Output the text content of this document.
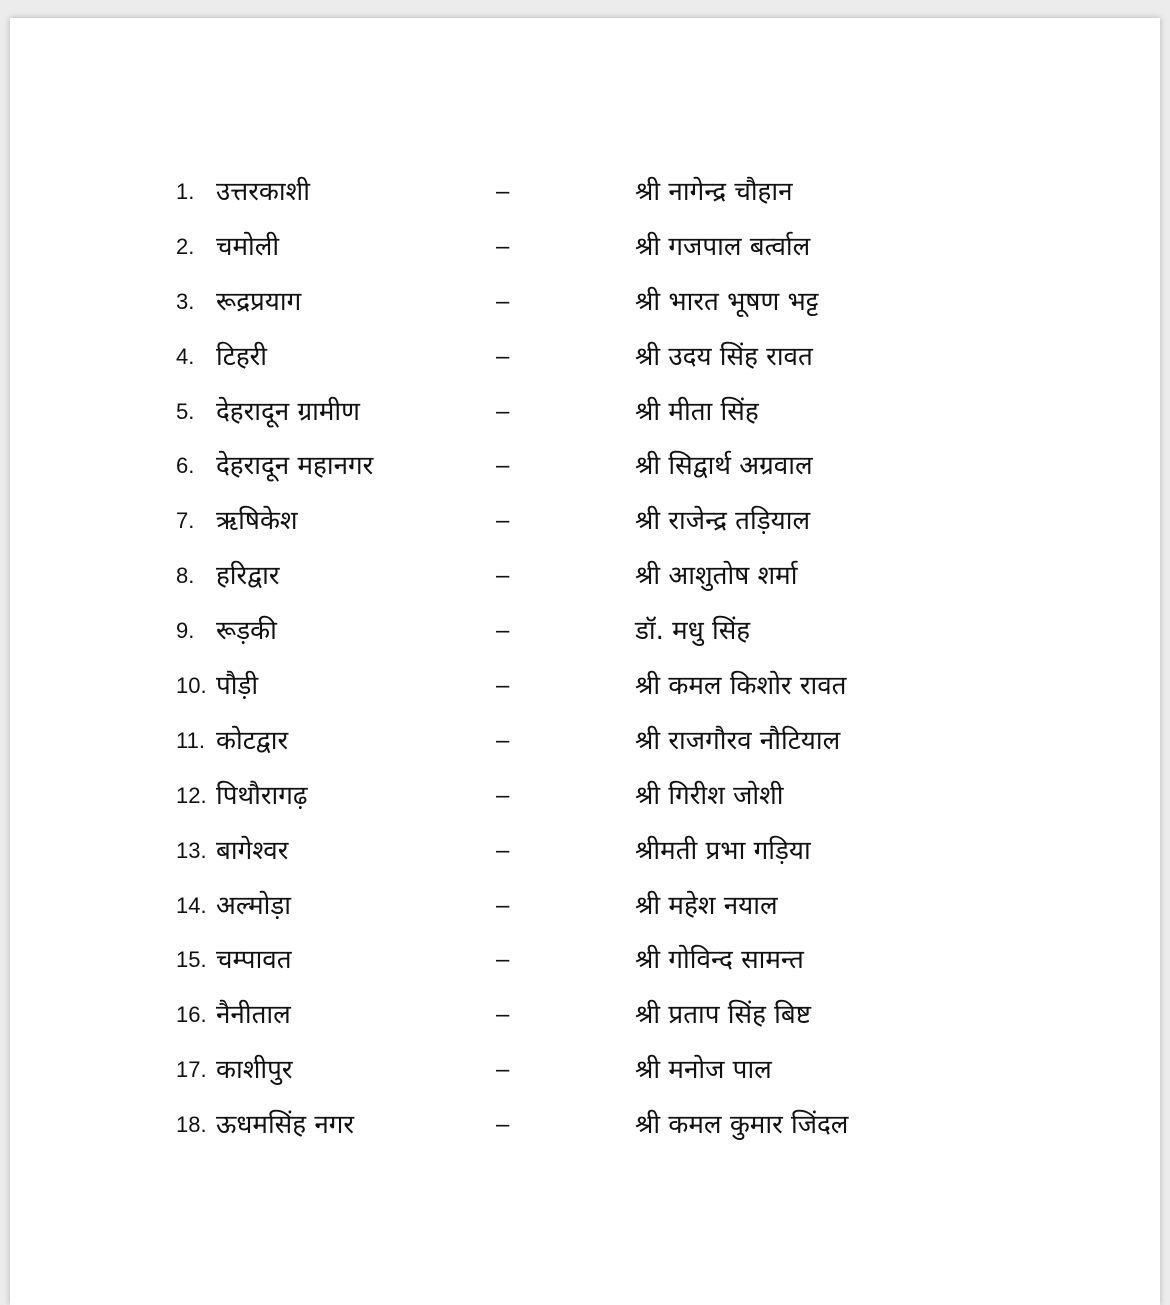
1. उत्तरकाशी	–	श्री नागेन्द्र चौहान
2. चमोली	–	श्री गजपाल बर्त्वाल
3. रूद्रप्रयाग	–	श्री भारत भूषण भट्ट
4. टिहरी	–	श्री उदय सिंह रावत
5. देहरादून ग्रामीण	–	श्री मीता सिंह
6. देहरादून महानगर	–	श्री सिद्वार्थ अग्रवाल
7. ऋषिकेश	–	श्री राजेन्द्र तड़ियाल
8. हरिद्वार	–	श्री आशुतोष शर्मा
9. रूड़की	–	डॉ. मधु सिंह
10. पौड़ी	–	श्री कमल किशोर रावत
11. कोटद्वार	–	श्री राजगौरव नौटियाल
12. पिथौरागढ़	–	श्री गिरीश जोशी
13. बागेश्वर	–	श्रीमती प्रभा गड़िया
14. अल्मोड़ा	–	श्री महेश नयाल
15. चम्पावत	–	श्री गोविन्द सामन्त
16. नैनीताल	–	श्री प्रताप सिंह बिष्ट
17. काशीपुर	–	श्री मनोज पाल
18. ऊधमसिंह नगर	–	श्री कमल कुमार जिंदल
